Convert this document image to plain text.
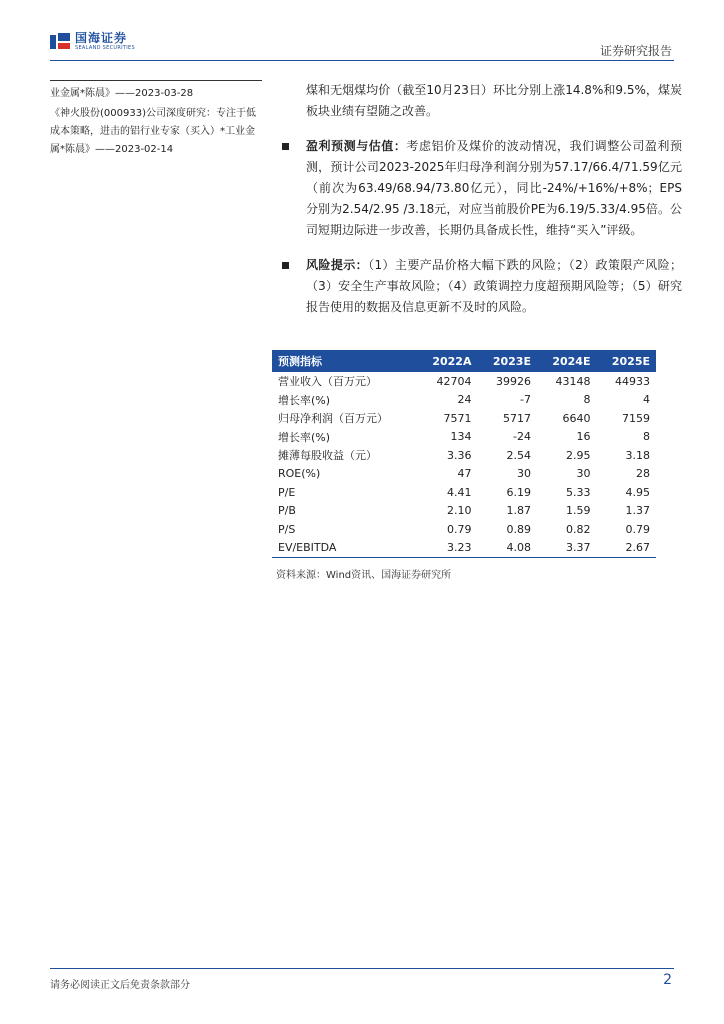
国海证券
SEALAND SECURITIES	证券研究报告

业金属*陈晨》——2023-03-28

《神火股份(000933)公司深度研究：专注于低成本策略，进击的铝行业专家（买入）*工业金属*陈晨》——2023-02-14

煤和无烟煤均价（截至10月23日）环比分别上涨14.8%和9.5%，煤炭板块业绩有望随之改善。

盈利预测与估值：考虑铝价及煤价的波动情况，我们调整公司盈利预测，预计公司2023-2025年归母净利润分别为57.17/66.4/71.59亿元（前次为63.49/68.94/73.80亿元），同比-24%/+16%/+8%；EPS分别为2.54/2.95 /3.18元，对应当前股价PE为6.19/5.33/4.95倍。公司短期边际进一步改善，长期仍具备成长性，维持“买入”评级。
风险提示：（1）主要产品价格大幅下跌的风险；（2）政策限产风险；（3）安全生产事故风险；（4）政策调控力度超预期风险等；（5）研究报告使用的数据及信息更新不及时的风险。
预测指标	2022A	2023E	2024E	2025E
营业收入（百万元）	42704	39926	43148	44933
增长率(%)	24	-7	8	4
归母净利润（百万元）	7571	5717	6640	7159
增长率(%)	134	-24	16	8
摊薄每股收益（元）	3.36	2.54	2.95	3.18
ROE(%)	47	30	30	28
P/E	4.41	6.19	5.33	4.95
P/B	2.10	1.87	1.59	1.37
P/S	0.79	0.89	0.82	0.79
EV/EBITDA	3.23	4.08	3.37	2.67
资料来源：Wind资讯、国海证券研究所
请务必阅读正文后免责条款部分	2
